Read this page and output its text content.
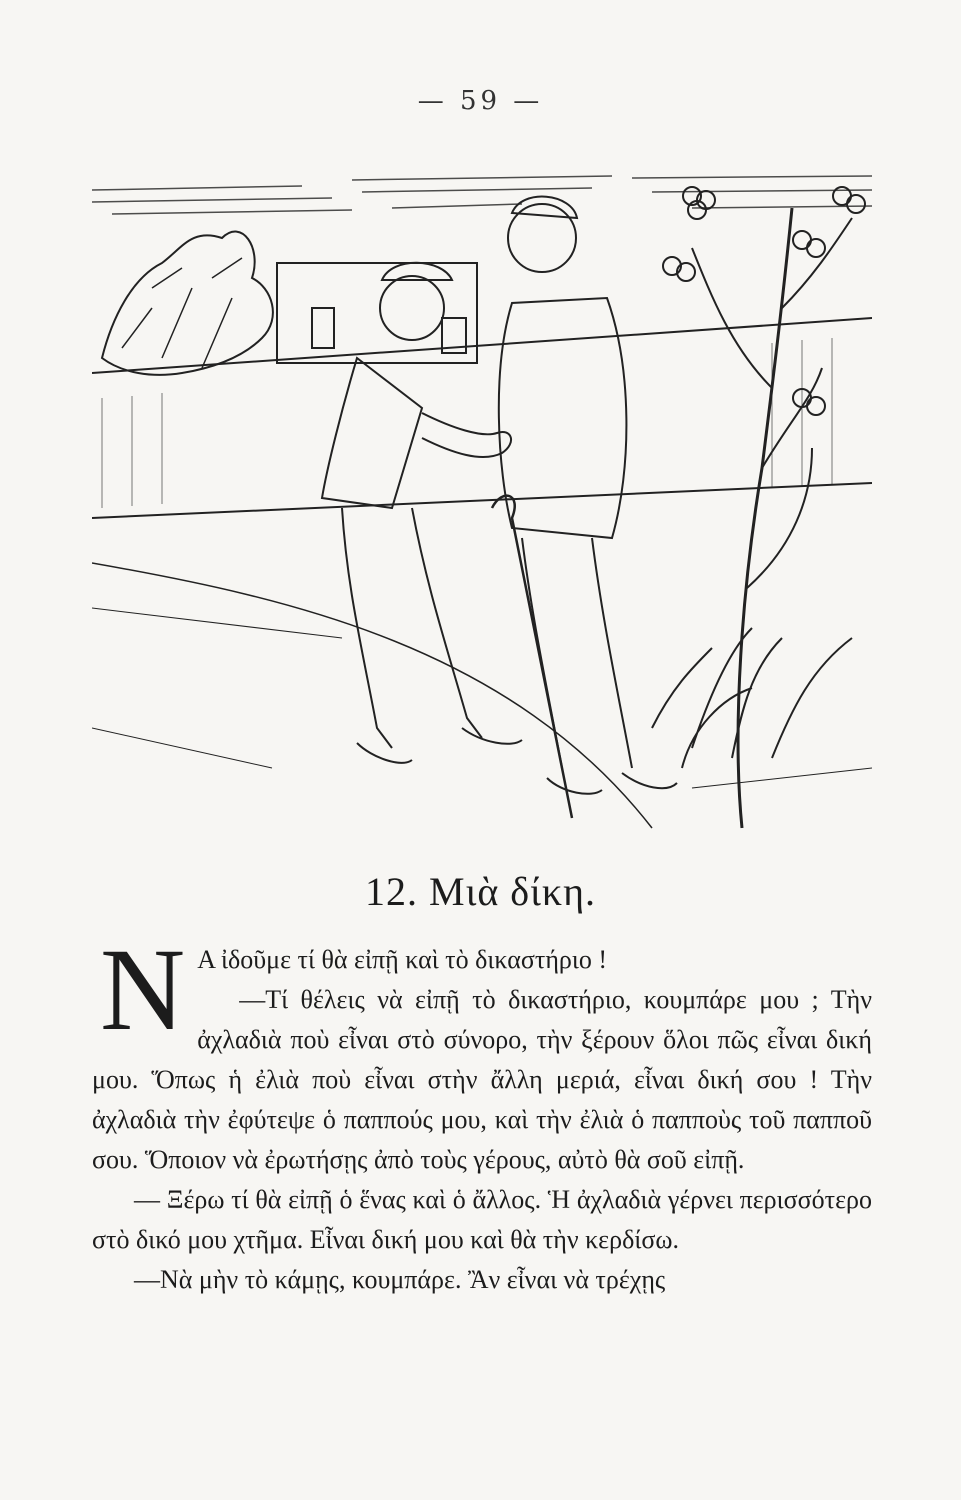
— 59 —
12. Μιὰ δίκη.
N Α ἰδοῦμε τί θὰ εἰπῇ καὶ τὸ δικαστήριο !

—Τί θέλεις νὰ εἰπῇ τὸ δικαστήριο, κουμπάρε μου ; Τὴν ἀχλαδιὰ ποὺ εἶναι στὸ σύνορο, τὴν ξέρουν ὅλοι πῶς εἶναι δική μου. Ὅπως ἡ ἐλιὰ ποὺ εἶναι στὴν ἄλλη μεριά, εἶναι δική σου ! Τὴν ἀχλαδιὰ τὴν ἐφύτεψε ὁ παππούς μου, καὶ τὴν ἐλιὰ ὁ παπποὺς τοῦ παπποῦ σου. Ὅποιον νὰ ἐρωτήσῃς ἀπὸ τοὺς γέρους, αὐτὸ θὰ σοῦ εἰπῇ.

— Ξέρω τί θὰ εἰπῇ ὁ ἕνας καὶ ὁ ἄλλος. Ἡ ἀχλαδιὰ γέρνει περισσότερο στὸ δικό μου χτῆμα. Εἶναι δική μου καὶ θὰ τὴν κερδίσω.

—Νὰ μὴν τὸ κάμῃς, κουμπάρε. Ἂν εἶναι νὰ τρέχῃς
